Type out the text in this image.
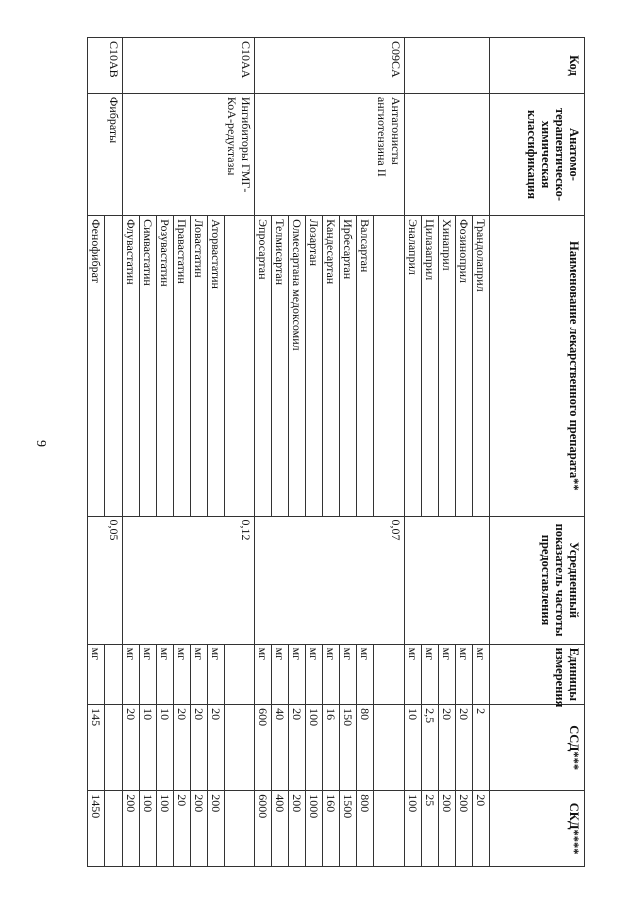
9
Код	Анатомо-терапевтическо-химическая классификация	Наименование лекарственного препарата**	Усредненный показатель частоты предоставления	Единицы измерения	ССД***	СКД****
		Трандолаприл		мг	2	20
		Фозиноприл		мг	20	200
		Хинаприл		мг	20	200
		Цилазаприл		мг	2,5	25
		Эналаприл		мг	10	100
C09CA	Антагонисты ангиотензина II		0,07			
		Валсартан		мг	80	800
		Ирбесартан		мг	150	1500
		Кандесартан		мг	16	160
		Лозартан		мг	100	1000
		Олмесартана медоксомил		мг	20	200
		Телмисартан		мг	40	400
		Эпросартан		мг	600	6000
C10AA	Ингибиторы ГМГ-КоА-редуктазы		0,12			
		Аторвастатин		мг	20	200
		Ловастатин		мг	20	200
		Правастатин		мг	20	20
		Розувастатин		мг	10	100
		Симвастатин		мг	10	100
		Флувастатин		мг	20	200
C10AB	Фибраты		0,05			
		Фенофибрат		мг	145	1450
